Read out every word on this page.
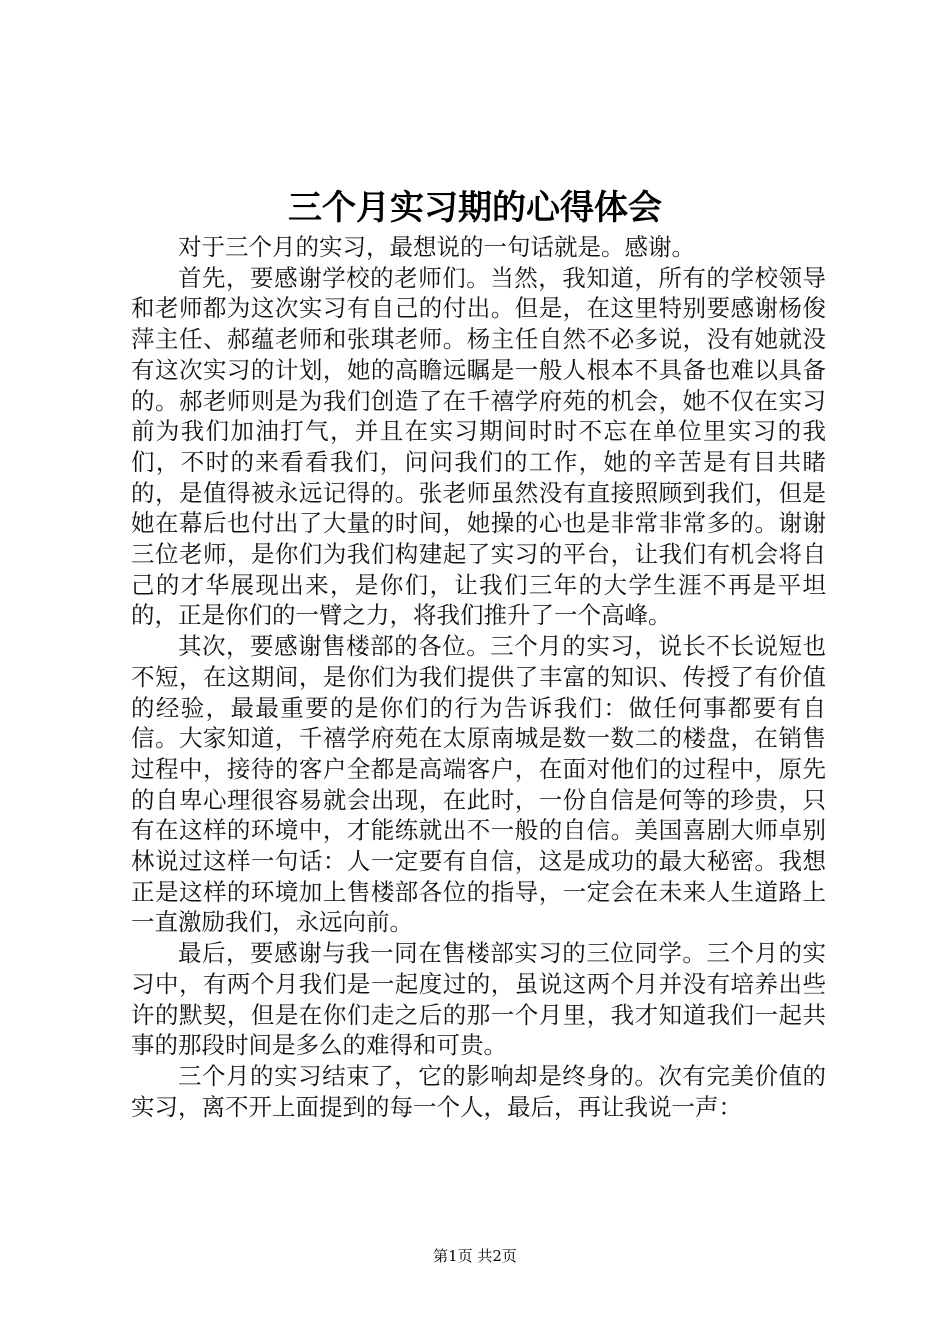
三个月实习期的心得体会

对于三个月的实习，最想说的一句话就是。感谢。

首先，要感谢学校的老师们。当然，我知道，所有的学校领导和老师都为这次实习有自己的付出。但是，在这里特别要感谢杨俊萍主任、郝蕴老师和张琪老师。杨主任自然不必多说，没有她就没有这次实习的计划，她的高瞻远瞩是一般人根本不具备也难以具备的。郝老师则是为我们创造了在千禧学府苑的机会，她不仅在实习前为我们加油打气，并且在实习期间时时不忘在单位里实习的我们，不时的来看看我们，问问我们的工作，她的辛苦是有目共睹的，是值得被永远记得的。张老师虽然没有直接照顾到我们，但是她在幕后也付出了大量的时间，她操的心也是非常非常多的。谢谢三位老师，是你们为我们构建起了实习的平台，让我们有机会将自己的才华展现出来，是你们，让我们三年的大学生涯不再是平坦的，正是你们的一臂之力，将我们推升了一个高峰。

其次，要感谢售楼部的各位。三个月的实习，说长不长说短也不短，在这期间，是你们为我们提供了丰富的知识、传授了有价值的经验，最最重要的是你们的行为告诉我们：做任何事都要有自信。大家知道，千禧学府苑在太原南城是数一数二的楼盘，在销售过程中，接待的客户全都是高端客户，在面对他们的过程中，原先的自卑心理很容易就会出现，在此时，一份自信是何等的珍贵，只有在这样的环境中，才能练就出不一般的自信。美国喜剧大师卓别林说过这样一句话：人一定要有自信，这是成功的最大秘密。我想正是这样的环境加上售楼部各位的指导，一定会在未来人生道路上一直激励我们，永远向前。

最后，要感谢与我一同在售楼部实习的三位同学。三个月的实习中，有两个月我们是一起度过的，虽说这两个月并没有培养出些许的默契，但是在你们走之后的那一个月里，我才知道我们一起共事的那段时间是多么的难得和可贵。

三个月的实习结束了，它的影响却是终身的。次有完美价值的实习，离不开上面提到的每一个人，最后，再让我说一声：

第1页 共2页
